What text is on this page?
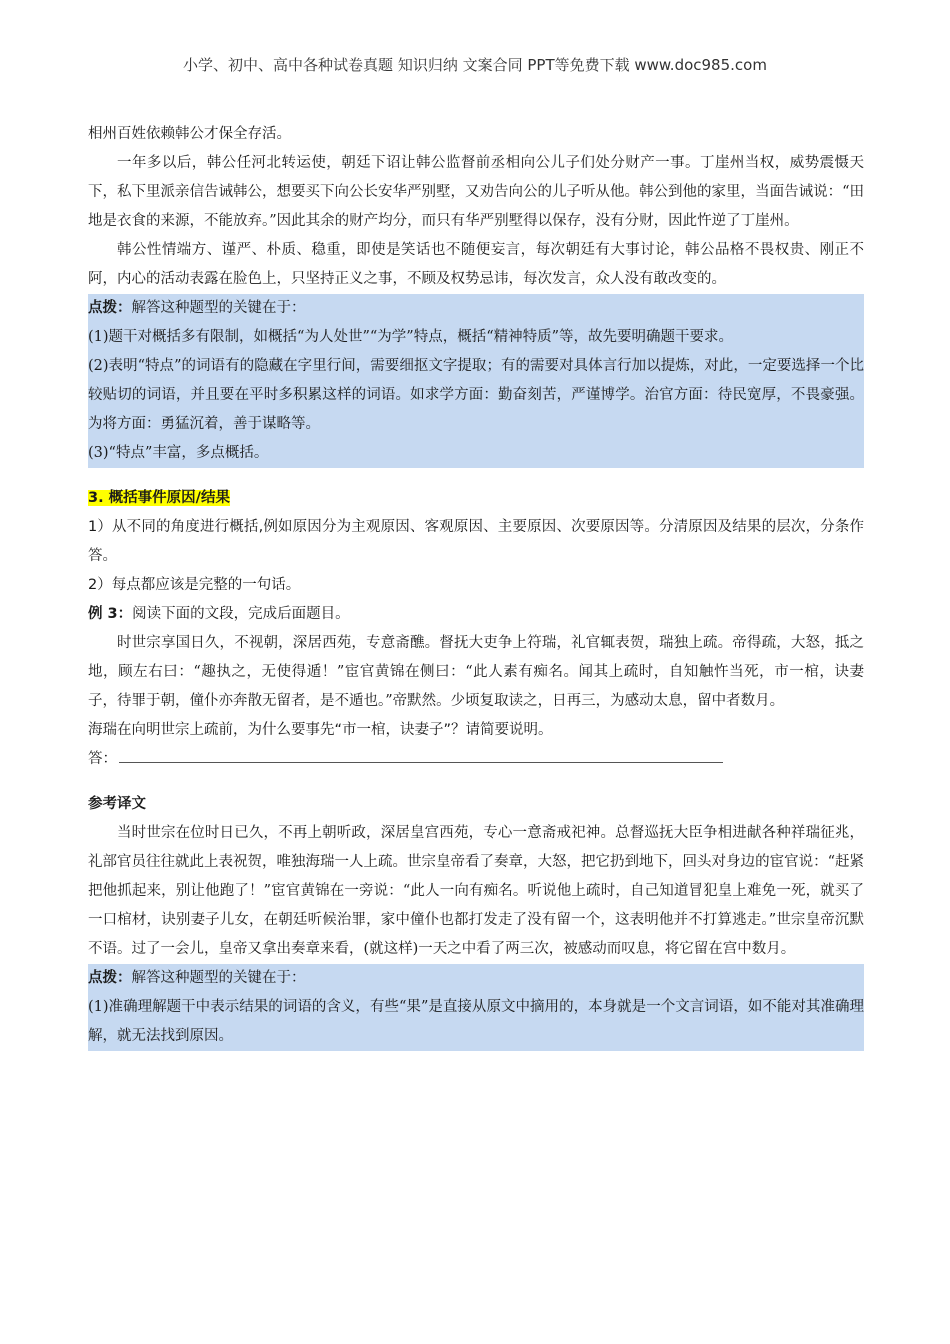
小学、初中、高中各种试卷真题 知识归纳 文案合同 PPT等免费下载 www.doc985.com

相州百姓依赖韩公才保全存活。

一年多以后，韩公任河北转运使，朝廷下诏让韩公监督前丞相向公儿子们处分财产一事。丁崖州当权，威势震慑天下，私下里派亲信告诫韩公，想要买下向公长安华严别墅，又劝告向公的儿子听从他。韩公到他的家里，当面告诫说：“田地是衣食的来源，不能放弃。”因此其余的财产均分，而只有华严别墅得以保存，没有分财，因此忤逆了丁崖州。

韩公性情端方、谨严、朴质、稳重，即使是笑话也不随便妄言，每次朝廷有大事讨论，韩公品格不畏权贵、刚正不阿，内心的活动表露在脸色上，只坚持正义之事，不顾及权势忌讳，每次发言，众人没有敢改变的。

点拨：解答这种题型的关键在于：

(1)题干对概括多有限制，如概括“为人处世”“为学”特点，概括“精神特质”等，故先要明确题干要求。

(2)表明“特点”的词语有的隐藏在字里行间，需要细抠文字提取；有的需要对具体言行加以提炼，对此，一定要选择一个比较贴切的词语，并且要在平时多积累这样的词语。如求学方面：勤奋刻苦，严谨博学。治官方面：待民宽厚，不畏豪强。为将方面：勇猛沉着，善于谋略等。

(3)“特点”丰富，多点概括。

3. 概括事件原因/结果

1）从不同的角度进行概括,例如原因分为主观原因、客观原因、主要原因、次要原因等。分清原因及结果的层次，分条作答。

2）每点都应该是完整的一句话。

例 3：阅读下面的文段，完成后面题目。

时世宗享国日久，不视朝，深居西苑，专意斋醮。督抚大吏争上符瑞，礼官辄表贺，瑞独上疏。帝得疏，大怒，抵之地，顾左右曰：“趣执之，无使得遁！”宦官黄锦在侧曰：“此人素有痴名。闻其上疏时，自知触忤当死，市一棺，诀妻子，待罪于朝，僮仆亦奔散无留者，是不遁也。”帝默然。少顷复取读之，日再三，为感动太息，留中者数月。

海瑞在向明世宗上疏前，为什么要事先“市一棺，诀妻子”？请简要说明。

答：

参考译文

当时世宗在位时日已久，不再上朝听政，深居皇宫西苑，专心一意斋戒祀神。总督巡抚大臣争相进献各种祥瑞征兆，礼部官员往往就此上表祝贺，唯独海瑞一人上疏。世宗皇帝看了奏章，大怒，把它扔到地下，回头对身边的宦官说：“赶紧把他抓起来，别让他跑了！”宦官黄锦在一旁说：“此人一向有痴名。听说他上疏时，自己知道冒犯皇上难免一死，就买了一口棺材，诀别妻子儿女，在朝廷听候治罪，家中僮仆也都打发走了没有留一个，这表明他并不打算逃走。”世宗皇帝沉默不语。过了一会儿，皇帝又拿出奏章来看，(就这样)一天之中看了两三次，被感动而叹息，将它留在宫中数月。

点拨：解答这种题型的关键在于：

(1)准确理解题干中表示结果的词语的含义，有些“果”是直接从原文中摘用的，本身就是一个文言词语，如不能对其准确理解，就无法找到原因。
